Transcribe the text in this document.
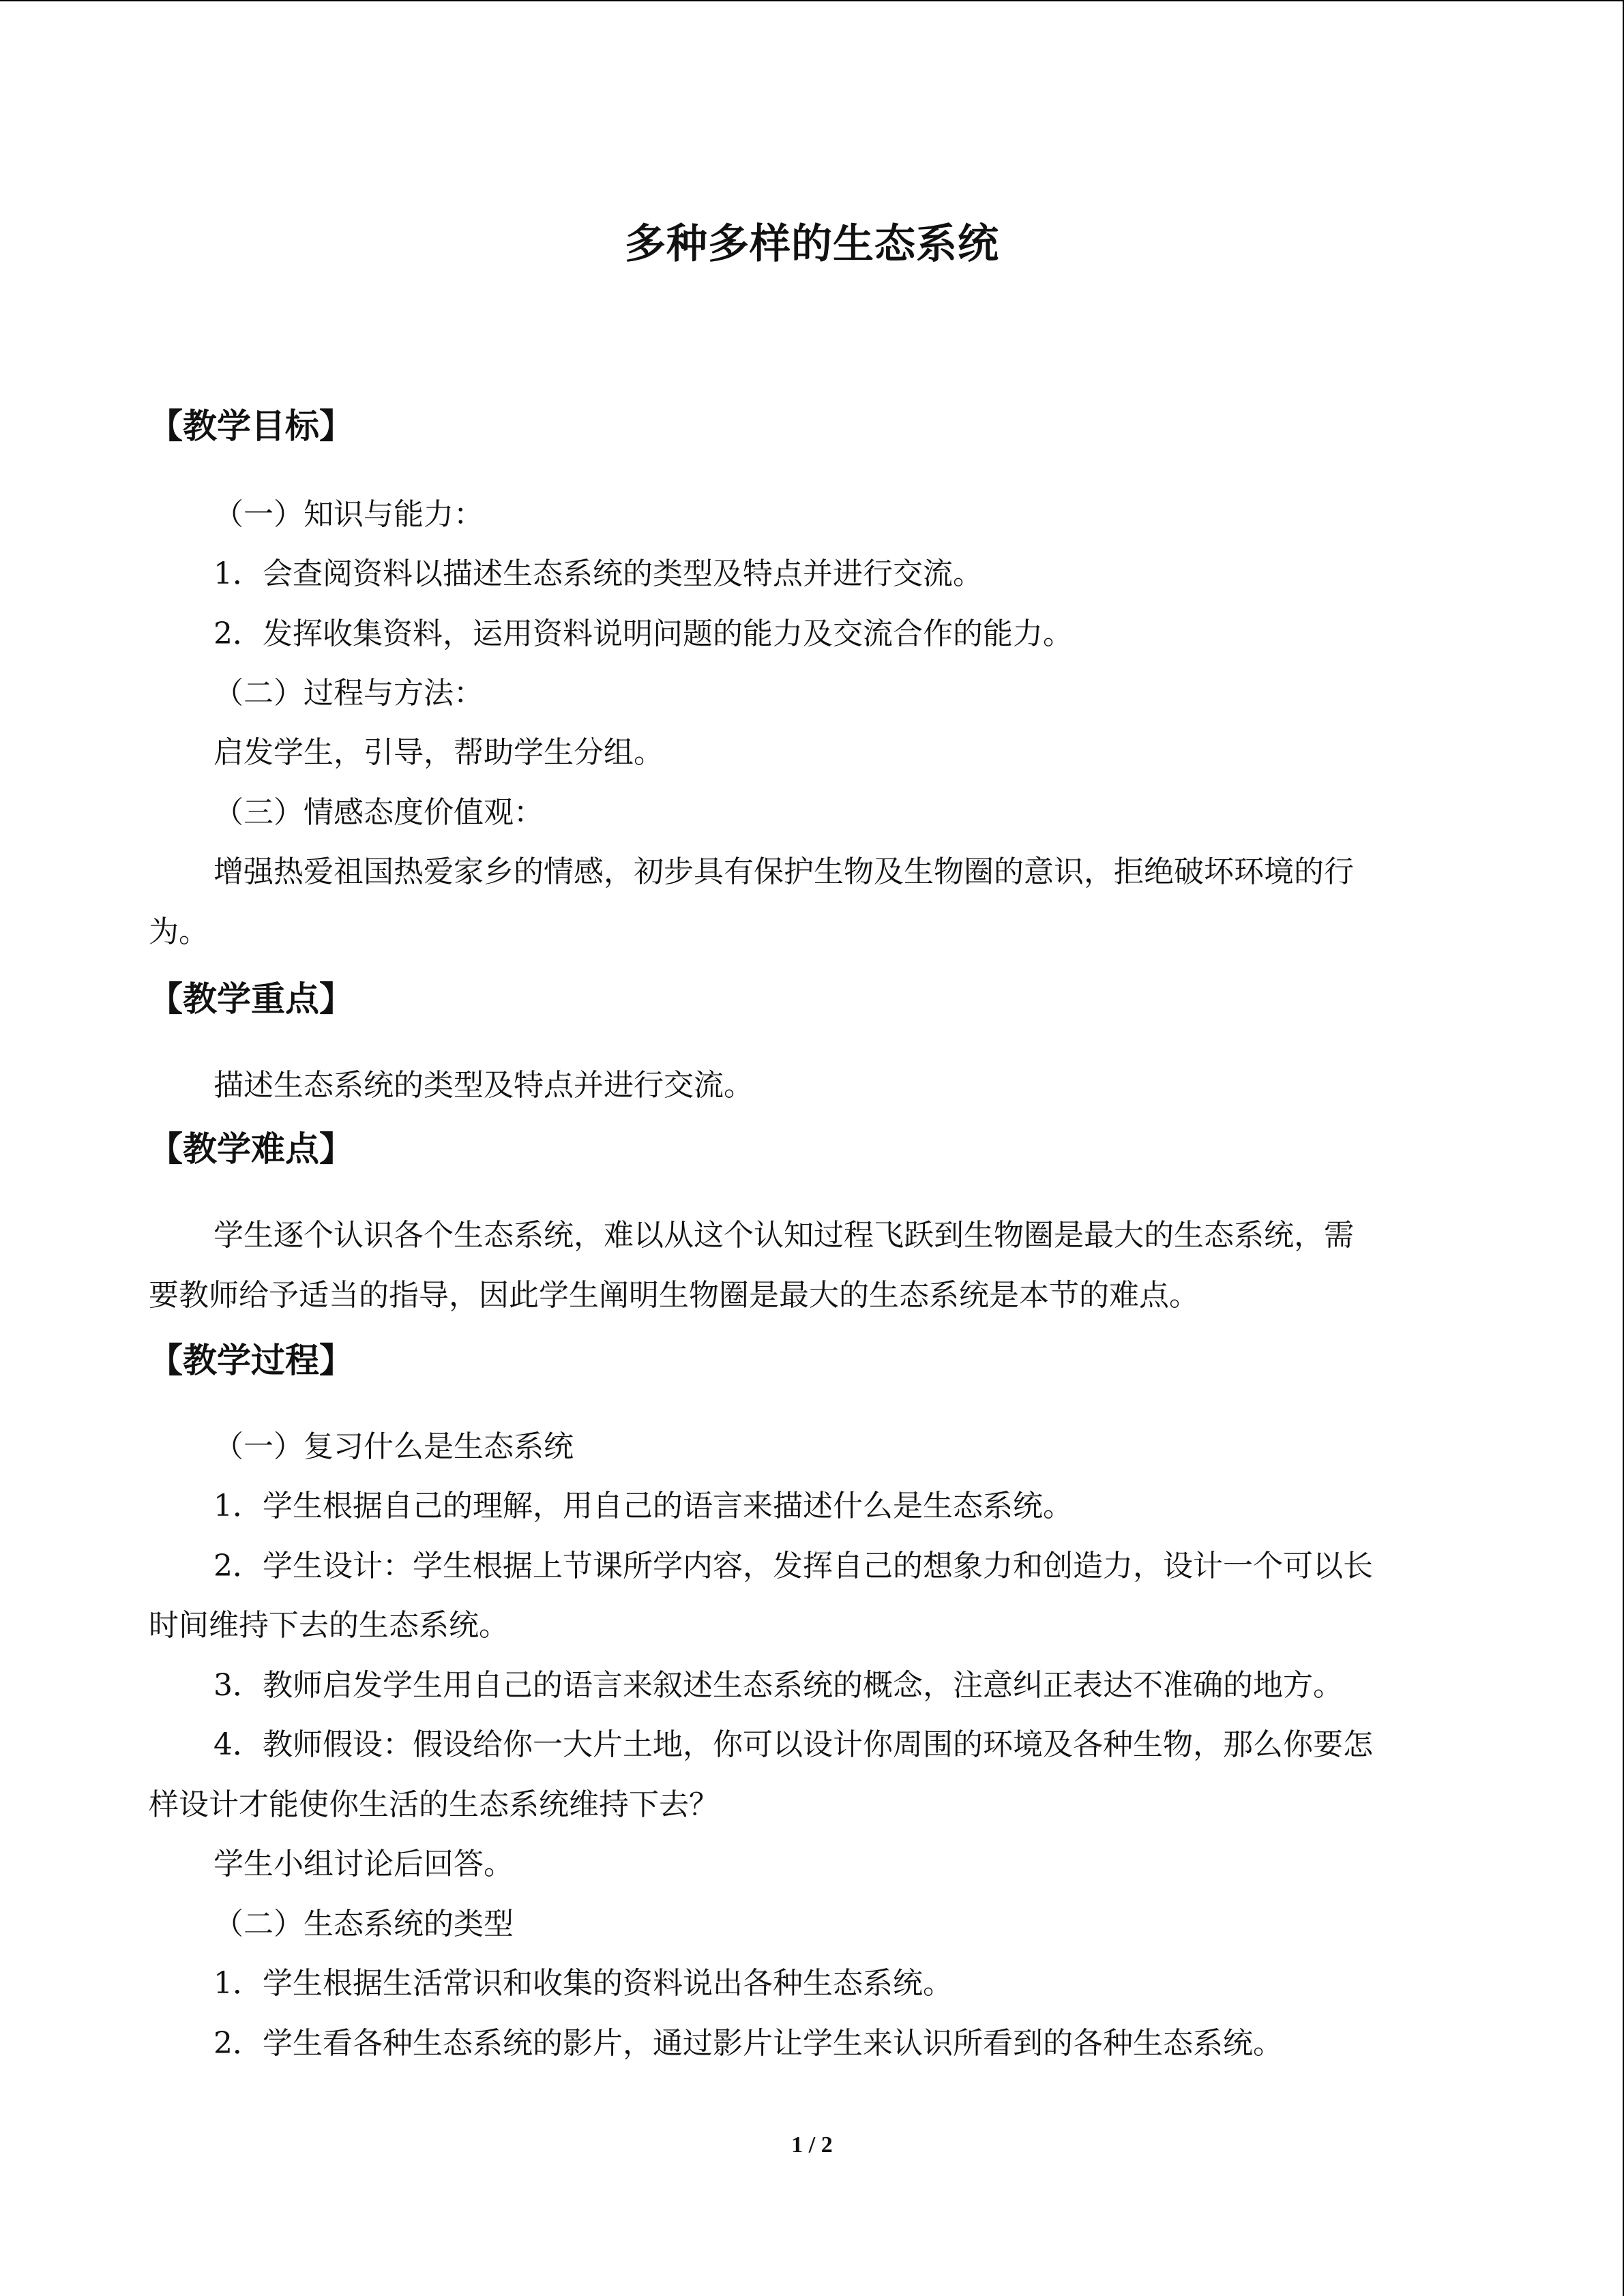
多种多样的生态系统
【教学目标】
（一）知识与能力：
1．会查阅资料以描述生态系统的类型及特点并进行交流。
2．发挥收集资料，运用资料说明问题的能力及交流合作的能力。
（二）过程与方法：
启发学生，引导，帮助学生分组。
（三）情感态度价值观：
增强热爱祖国热爱家乡的情感，初步具有保护生物及生物圈的意识，拒绝破坏环境的行
为。
【教学重点】
描述生态系统的类型及特点并进行交流。
【教学难点】
学生逐个认识各个生态系统，难以从这个认知过程飞跃到生物圈是最大的生态系统，需
要教师给予适当的指导，因此学生阐明生物圈是最大的生态系统是本节的难点。
【教学过程】
（一）复习什么是生态系统
1．学生根据自己的理解，用自己的语言来描述什么是生态系统。
2．学生设计：学生根据上节课所学内容，发挥自己的想象力和创造力，设计一个可以长
时间维持下去的生态系统。
3．教师启发学生用自己的语言来叙述生态系统的概念，注意纠正表达不准确的地方。
4．教师假设：假设给你一大片土地，你可以设计你周围的环境及各种生物，那么你要怎
样设计才能使你生活的生态系统维持下去？
学生小组讨论后回答。
（二）生态系统的类型
1．学生根据生活常识和收集的资料说出各种生态系统。
2．学生看各种生态系统的影片，通过影片让学生来认识所看到的各种生态系统。
1 / 2
